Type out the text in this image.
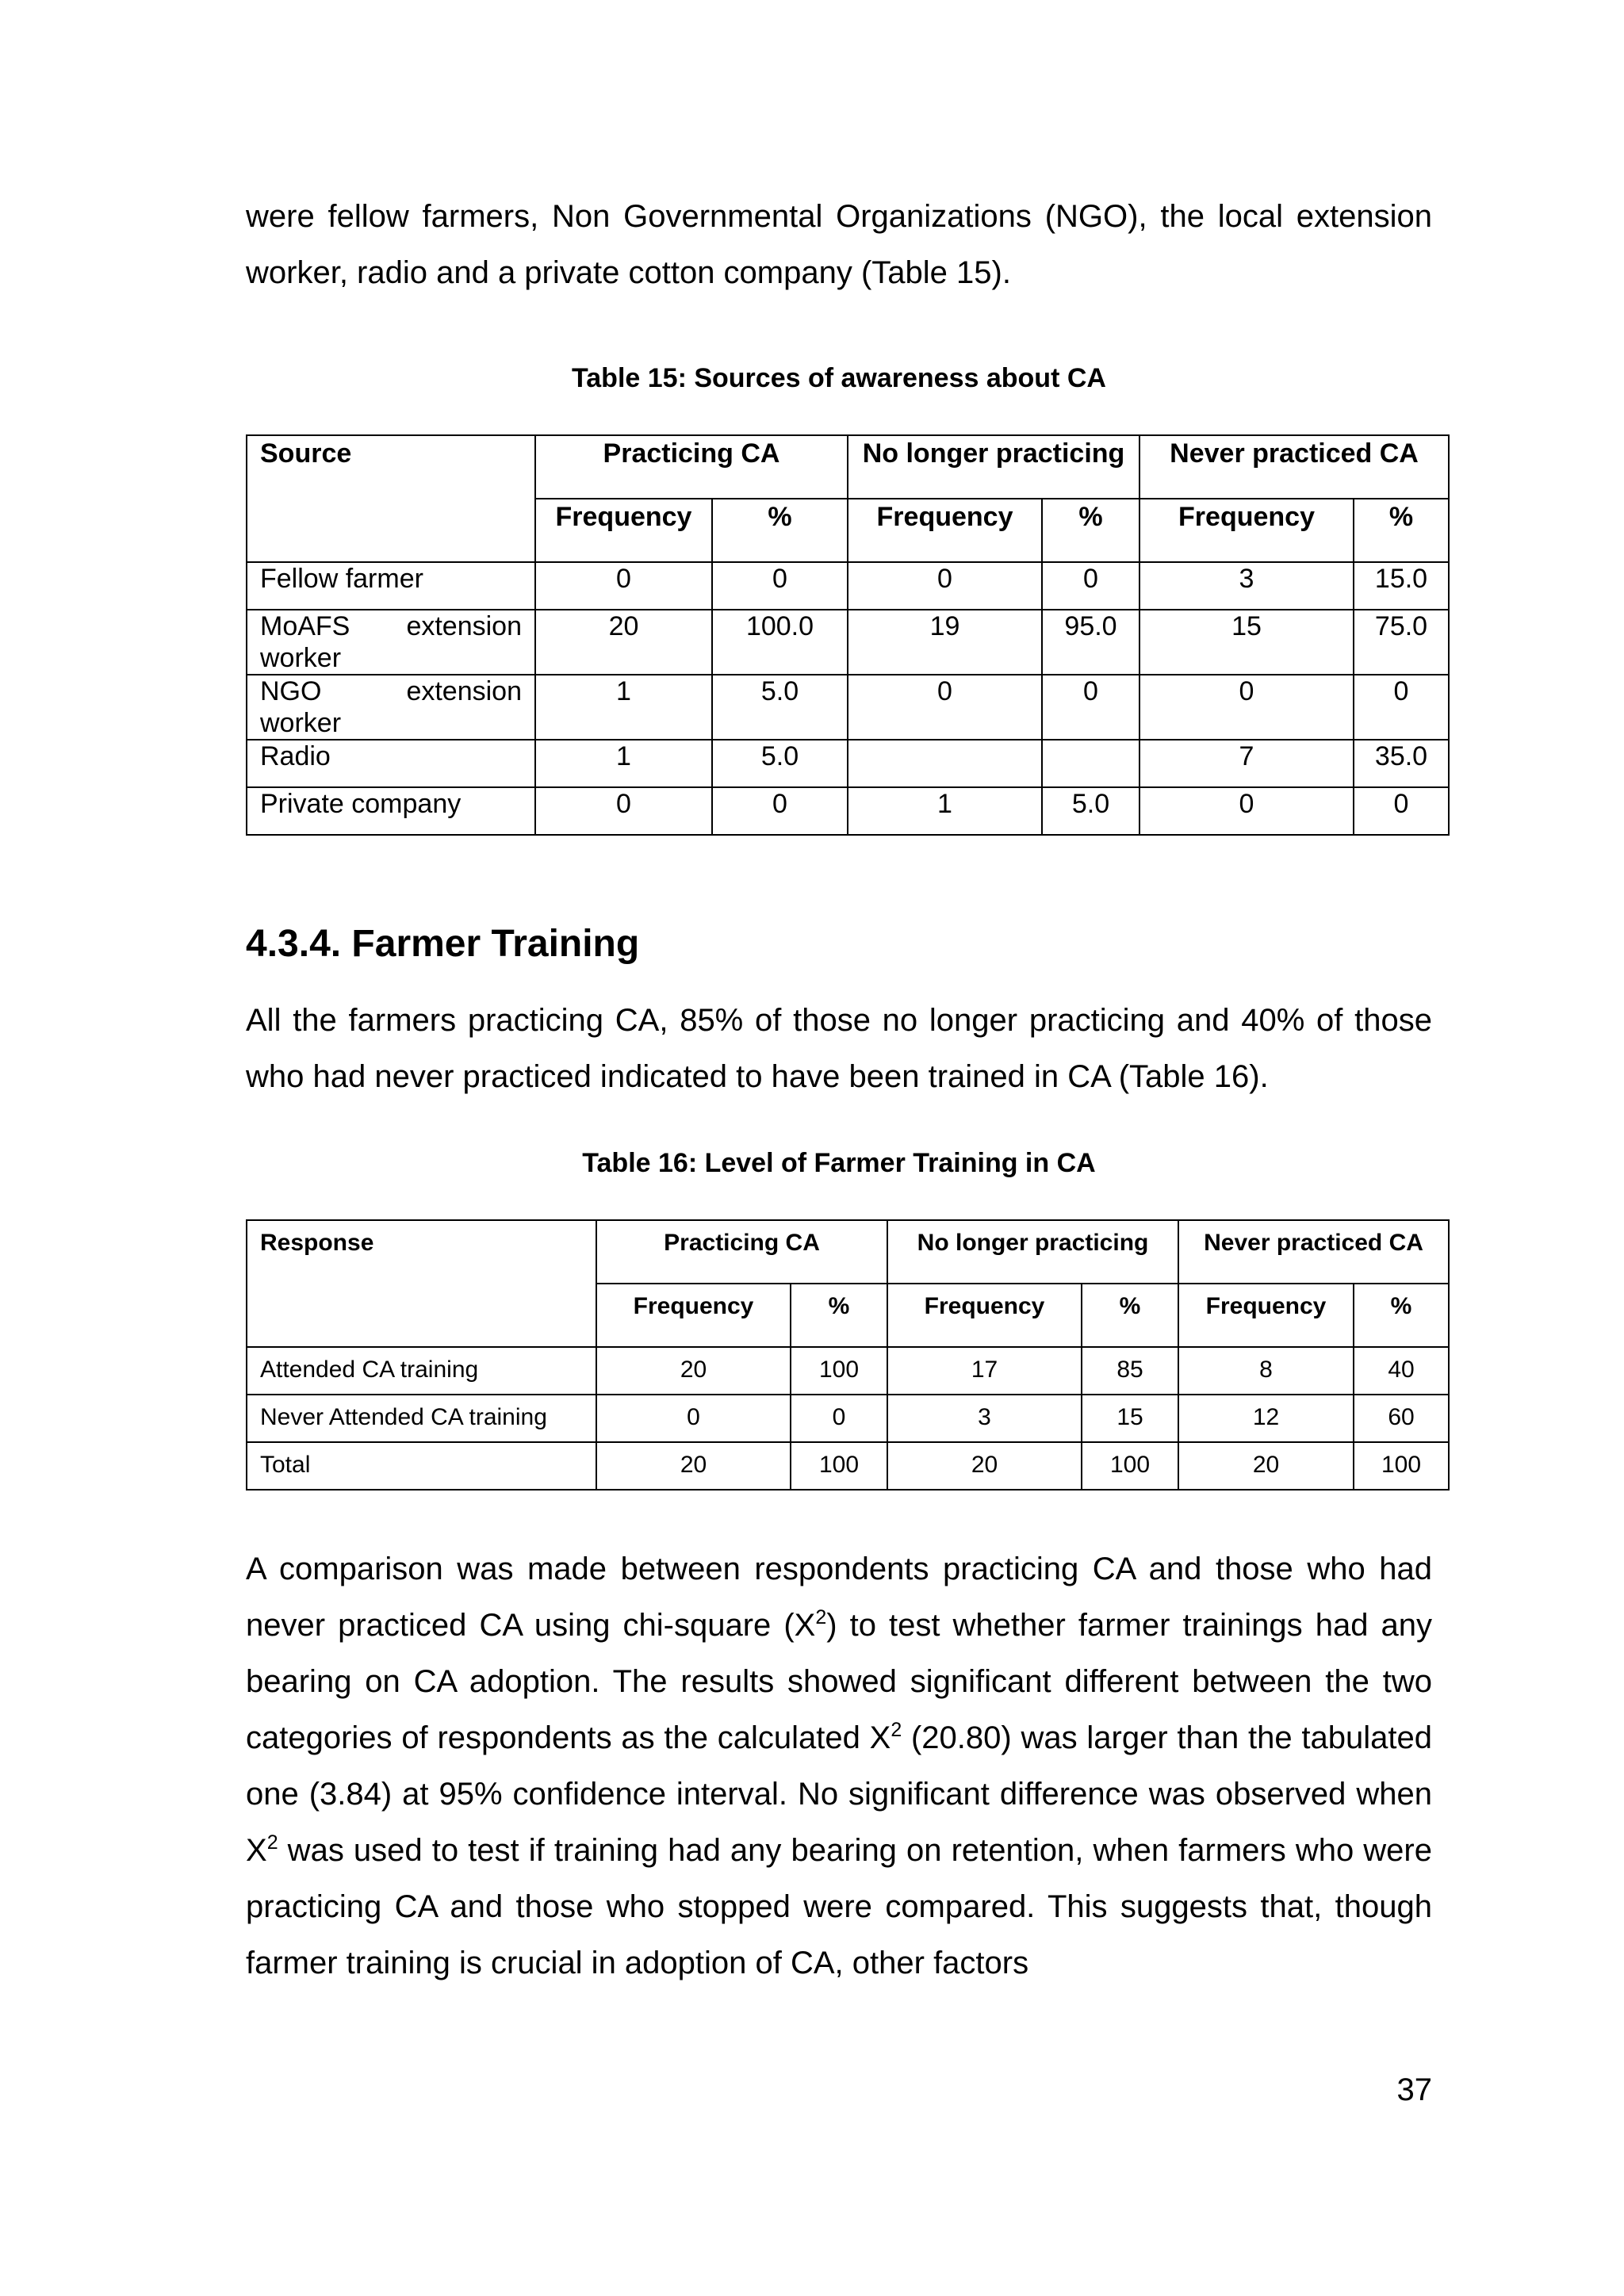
were fellow farmers, Non Governmental Organizations (NGO), the local extension worker, radio and a private cotton company (Table 15).

Table 15: Sources of awareness about CA
Source	Practicing CA		No longer practicing		Never practiced CA	
	Frequency	%	Frequency	%	Frequency	%
Fellow farmer	0	0	0	0	3	15.0
MoAFS extension worker	20	100.0	19	95.0	15	75.0
NGO extension worker	1	5.0	0	0	0	0
Radio	1	5.0			7	35.0
Private company	0	0	1	5.0	0	0
4.3.4. Farmer Training

All the farmers practicing CA, 85% of those no longer practicing and 40% of those who had never practiced indicated to have been trained in CA (Table 16).

Table 16: Level of Farmer Training in CA
Response	Practicing CA		No longer practicing		Never practiced CA	
	Frequency	%	Frequency	%	Frequency	%
Attended CA training	20	100	17	85	8	40
Never Attended CA training	0	0	3	15	12	60
Total	20	100	20	100	20	100

A comparison was made between respondents practicing CA and those who had never practiced CA using chi-square $(X^2)$ to test whether farmer trainings had any bearing on CA adoption. The results showed significant different between the two categories of respondents as the calculated $X^2$ (20.80) was larger than the tabulated one (3.84) at 95% confidence interval. No significant difference was observed when $X^2$ was used to test if training had any bearing on retention, when farmers who were practicing CA and those who stopped were compared. This suggests that, though farmer training is crucial in adoption of CA, other factors

37
